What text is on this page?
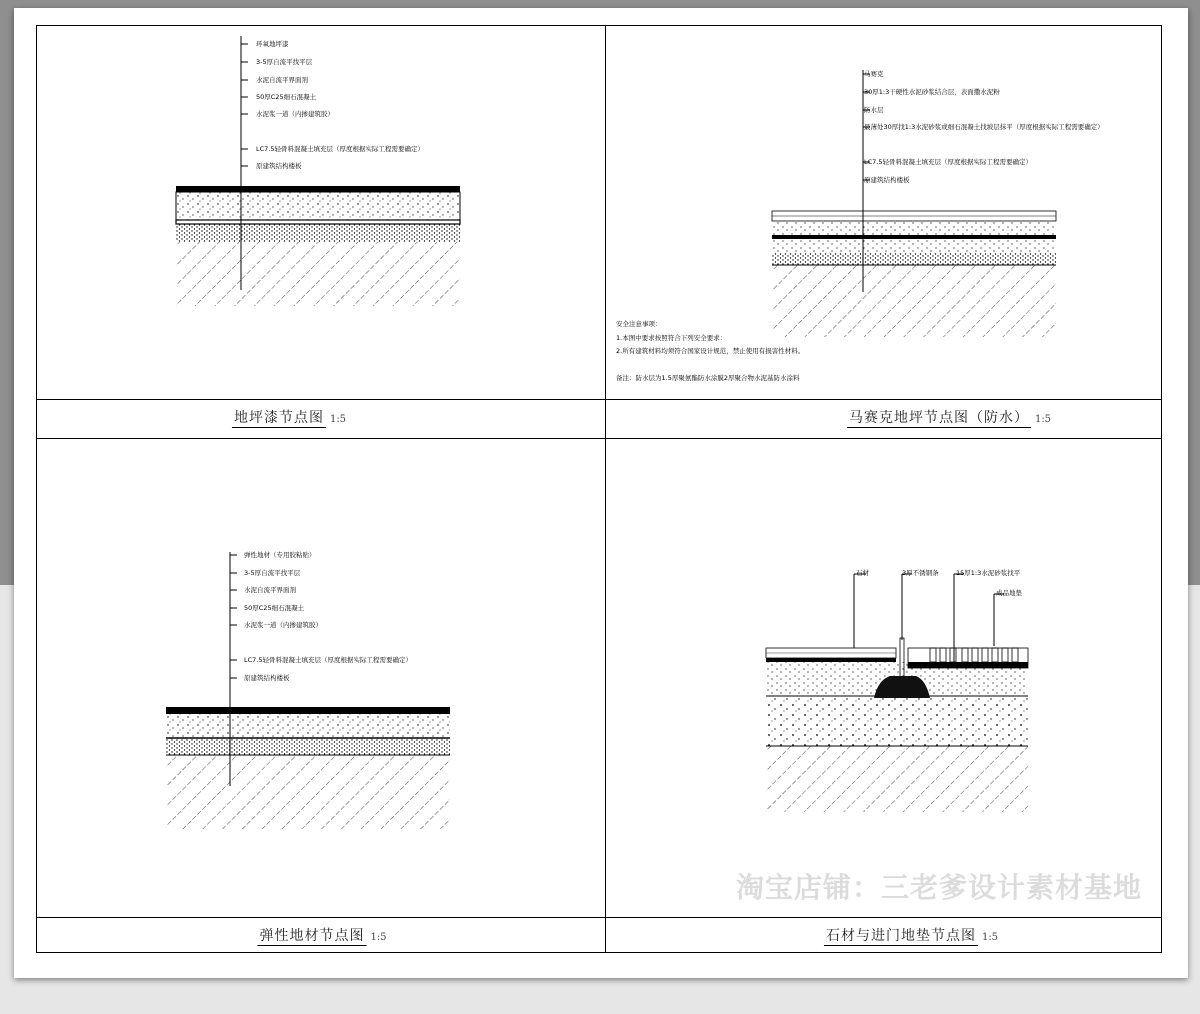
地坪漆节点图 1:5	马赛克地坪节点图（防水） 1:5
弹性地材节点图 1:5	石材与进门地垫节点图 1:5
环氧地坪漆
3-5厚自流平找平层
水泥自流平界面剂
50厚C25细石混凝土
水泥浆一道（内掺建筑胶）
LC7.5轻骨料混凝土填充层（厚度根据实际工程需要确定）
原建筑结构楼板
马赛克
30厚1:3干硬性水泥砂浆结合层，表面撒水泥粉
防水层
最薄处30厚找1:3水泥砂浆或细石混凝土找坡层抹平（厚度根据实际工程需要确定）
LC7.5轻骨料混凝土填充层（厚度根据实际工程需要确定）
原建筑结构楼板
安全注意事项：
1.本图中要求按照符合下列安全要求：
2.所有建筑材料均须符合国家设计规范，禁止使用有损害性材料。
备注：防水层为1.5厚聚氨酯防水涂膜2厚聚合物水泥基防水涂料
弹性地材（专用胶粘贴）
3-5厚自流平找平层
水泥自流平界面剂
50厚C25细石混凝土
水泥浆一道（内掺建筑胶）
LC7.5轻骨料混凝土填充层（厚度根据实际工程需要确定）
原建筑结构楼板
石材	3厚不锈钢条	15厚1:3水泥砂浆找平
成品地垫
淘宝店铺：三老爹设计素材基地
